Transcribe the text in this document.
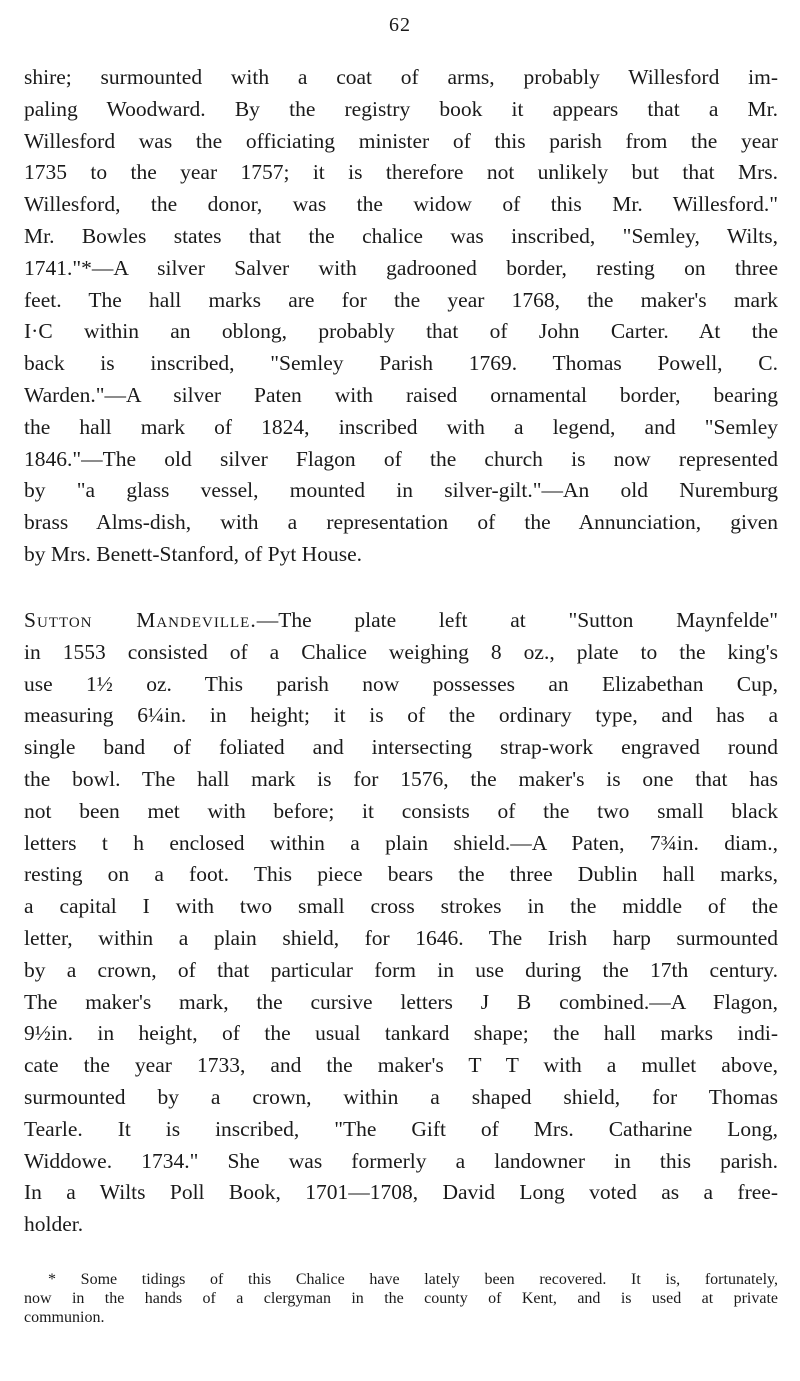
62
shire; surmounted with a coat of arms, probably Willesford im-
paling Woodward. By the registry book it appears that a Mr.
Willesford was the officiating minister of this parish from the year
1735 to the year 1757; it is therefore not unlikely but that Mrs.
Willesford, the donor, was the widow of this Mr. Willesford."
Mr. Bowles states that the chalice was inscribed, "Semley, Wilts,
1741."*—A silver Salver with gadrooned border, resting on three
feet. The hall marks are for the year 1768, the maker's mark
I·C within an oblong, probably that of John Carter. At the
back is inscribed, "Semley Parish 1769. Thomas Powell, C.
Warden."—A silver Paten with raised ornamental border, bearing
the hall mark of 1824, inscribed with a legend, and "Semley
1846."—The old silver Flagon of the church is now represented
by "a glass vessel, mounted in silver-gilt."—An old Nuremburg
brass Alms-dish, with a representation of the Annunciation, given
by Mrs. Benett-Stanford, of Pyt House.
Sutton Mandeville.—The plate left at "Sutton Maynfelde"
in 1553 consisted of a Chalice weighing 8 oz., plate to the king's
use 1½ oz. This parish now possesses an Elizabethan Cup,
measuring 6¼in. in height; it is of the ordinary type, and has a
single band of foliated and intersecting strap-work engraved round
the bowl. The hall mark is for 1576, the maker's is one that has
not been met with before; it consists of the two small black
letters t h enclosed within a plain shield.—A Paten, 7¾in. diam.,
resting on a foot. This piece bears the three Dublin hall marks,
a capital I with two small cross strokes in the middle of the
letter, within a plain shield, for 1646. The Irish harp surmounted
by a crown, of that particular form in use during the 17th century.
The maker's mark, the cursive letters J B combined.—A Flagon,
9½in. in height, of the usual tankard shape; the hall marks indi-
cate the year 1733, and the maker's T T with a mullet above,
surmounted by a crown, within a shaped shield, for Thomas
Tearle. It is inscribed, "The Gift of Mrs. Catharine Long,
Widdowe. 1734." She was formerly a landowner in this parish.
In a Wilts Poll Book, 1701—1708, David Long voted as a free-
holder.
* Some tidings of this Chalice have lately been recovered. It is, fortunately,
now in the hands of a clergyman in the county of Kent, and is used at private
communion.
